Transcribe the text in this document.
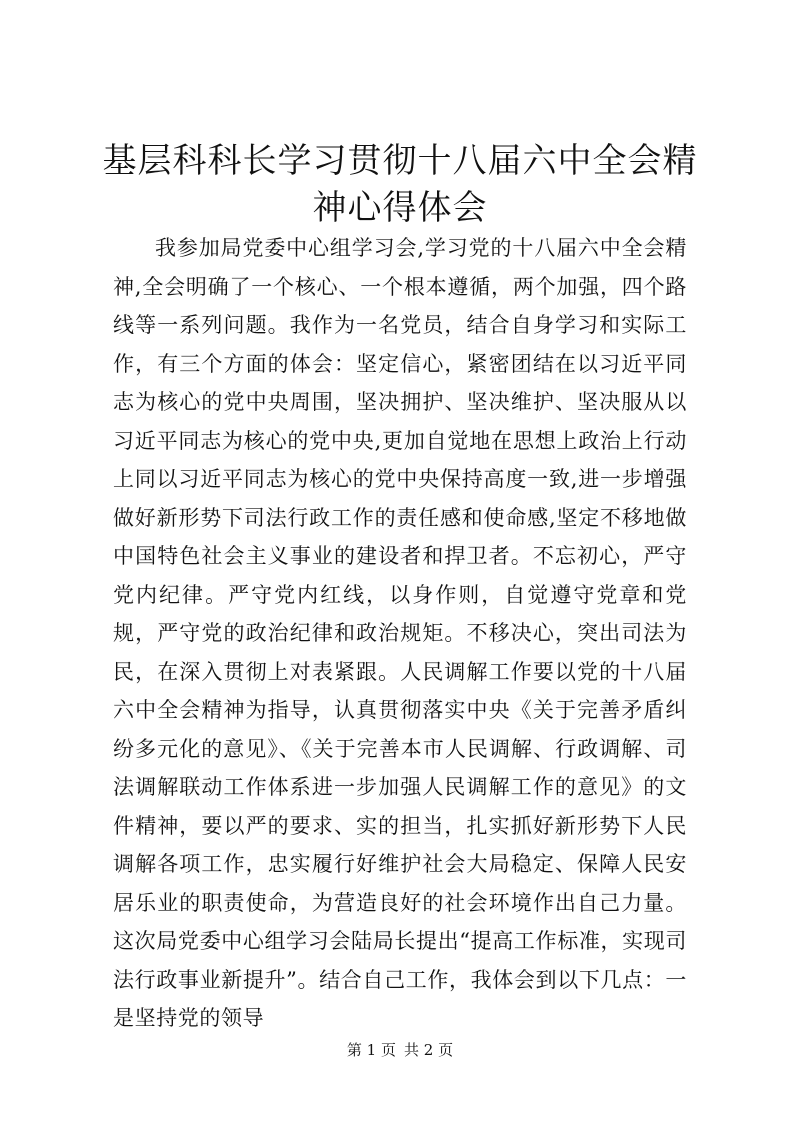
基层科科长学习贯彻十八届六中全会精神心得体会

我参加局党委中心组学习会,学习党的十八届六中全会精神,全会明确了一个核心、一个根本遵循，两个加强，四个路线等一系列问题。我作为一名党员，结合自身学习和实际工作，有三个方面的体会：坚定信心，紧密团结在以习近平同志为核心的党中央周围，坚决拥护、坚决维护、坚决服从以习近平同志为核心的党中央,更加自觉地在思想上政治上行动上同以习近平同志为核心的党中央保持高度一致,进一步增强做好新形势下司法行政工作的责任感和使命感,坚定不移地做中国特色社会主义事业的建设者和捍卫者。不忘初心，严守党内纪律。严守党内红线，以身作则，自觉遵守党章和党规，严守党的政治纪律和政治规矩。不移决心，突出司法为民，在深入贯彻上对表紧跟。人民调解工作要以党的十八届六中全会精神为指导，认真贯彻落实中央《关于完善矛盾纠纷多元化的意见》、《关于完善本市人民调解、行政调解、司法调解联动工作体系进一步加强人民调解工作的意见》的文件精神，要以严的要求、实的担当，扎实抓好新形势下人民调解各项工作，忠实履行好维护社会大局稳定、保障人民安居乐业的职责使命，为营造良好的社会环境作出自己力量。这次局党委中心组学习会陆局长提出“提高工作标准，实现司法行政事业新提升”。结合自己工作，我体会到以下几点：一是坚持党的领导

第 1 页 共 2 页
